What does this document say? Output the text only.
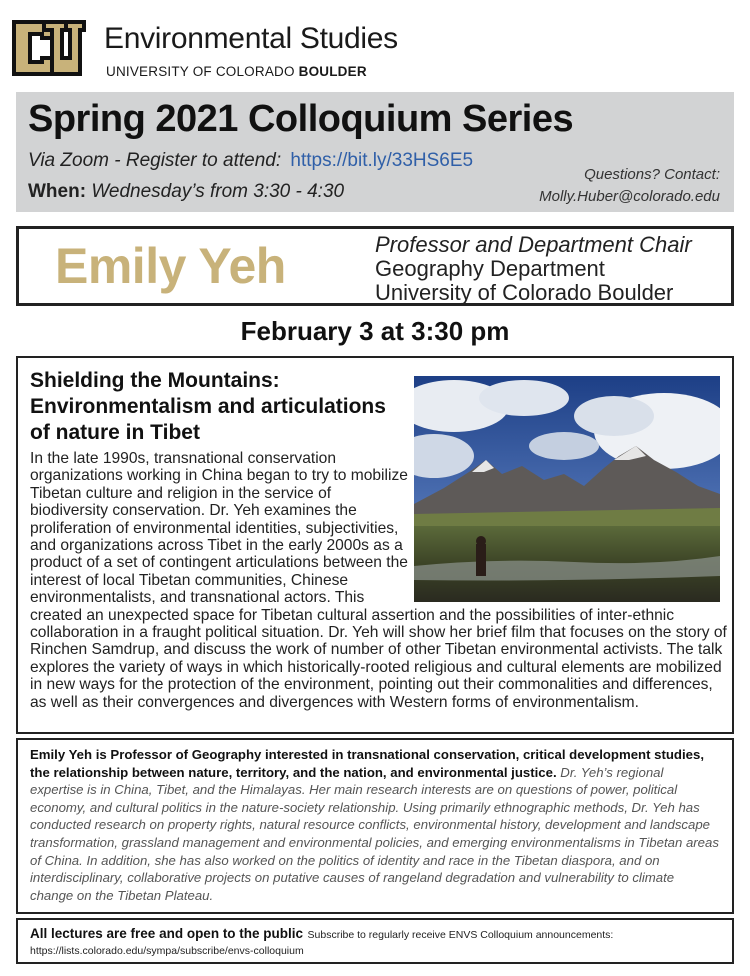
Environmental Studies
UNIVERSITY OF COLORADO BOULDER
Spring 2021 Colloquium Series
Via Zoom - Register to attend: https://bit.ly/33HS6E5
When: Wednesday’s from 3:30 - 4:30
Questions? Contact:
Molly.Huber@colorado.edu
Emily Yeh	Professor and Department Chair
Geography Department
University of Colorado Boulder
February 3 at 3:30 pm
Shielding the Mountains: Environmentalism and articulations of nature in Tibet
In the late 1990s, transnational conservation organizations working in China began to try to mobilize Tibetan culture and religion in the service of biodiversity conservation. Dr. Yeh examines the proliferation of environmental identities, subjectivities, and organizations across Tibet in the early 2000s as a product of a set of contingent articulations between the interest of local Tibetan communities, Chinese environmentalists, and transnational actors. This created an unexpected space for Tibetan cultural assertion and the possibilities of inter-ethnic collaboration in a fraught political situation. Dr. Yeh will show her brief film that focuses on the story of Rinchen Samdrup, and discuss the work of number of other Tibetan environmental activists. The talk explores the variety of ways in which historically-rooted religious and cultural elements are mobilized in new ways for the protection of the environment, pointing out their commonalities and differences, as well as their convergences and divergences with Western forms of environmentalism.
Emily Yeh is Professor of Geography interested in transnational conservation, critical development studies, the relationship between nature, territory, and the nation, and environmental justice. Dr. Yeh’s regional expertise is in China, Tibet, and the Himalayas. Her main research interests are on questions of power, political economy, and cultural politics in the nature-society relationship. Using primarily ethnographic methods, Dr. Yeh has conducted research on property rights, natural resource conflicts, environmental history, development and landscape transformation, grassland management and environmental policies, and emerging environmentalisms in Tibetan areas of China. In addition, she has also worked on the politics of identity and race in the Tibetan diaspora, and on interdisciplinary, collaborative projects on putative causes of rangeland degradation and vulnerability to climate change on the Tibetan Plateau.
All lectures are free and open to the public Subscribe to regularly receive ENVS Colloquium announcements:
https://lists.colorado.edu/sympa/subscribe/envs-colloquium
